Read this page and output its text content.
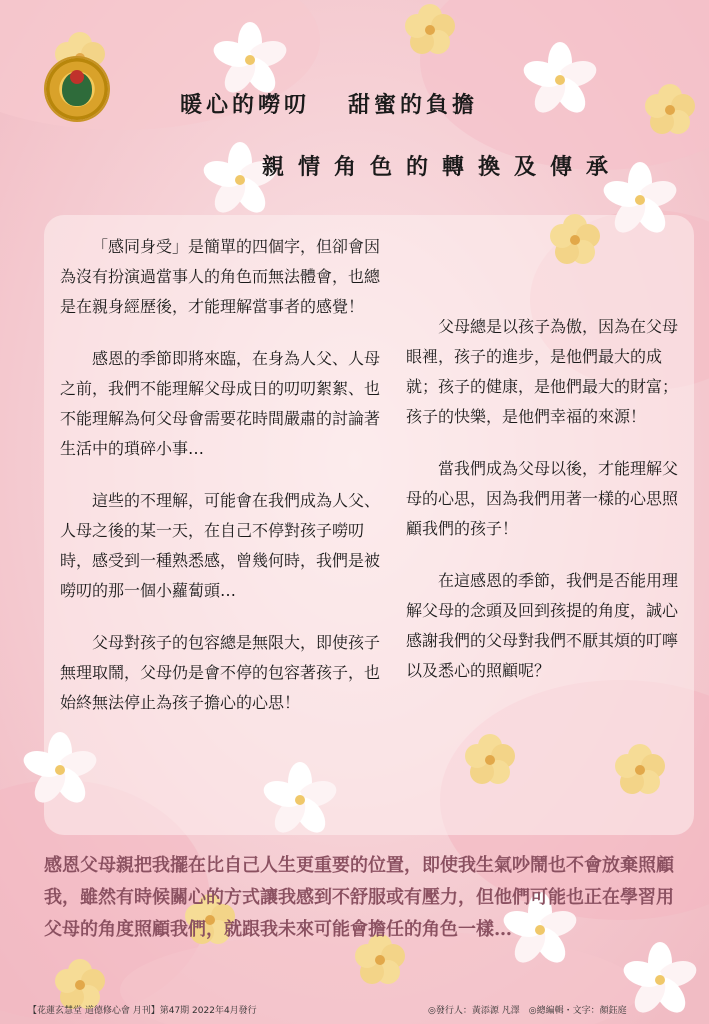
暖心的嘮叨 甜蜜的負擔
親情角色的轉換及傳承

「感同身受」是簡單的四個字，但卻會因為沒有扮演過當事人的角色而無法體會，也總是在親身經歷後，才能理解當事者的感覺！

感恩的季節即將來臨，在身為人父、人母之前，我們不能理解父母成日的叨叨絮絮、也不能理解為何父母會需要花時間嚴肅的討論著生活中的瑣碎小事…

這些的不理解，可能會在我們成為人父、人母之後的某一天，在自己不停對孩子嘮叨時，感受到一種熟悉感，曾幾何時，我們是被嘮叨的那一個小蘿蔔頭…

父母對孩子的包容總是無限大，即使孩子無理取鬧，父母仍是會不停的包容著孩子，也始終無法停止為孩子擔心的心思！

父母總是以孩子為傲，因為在父母眼裡，孩子的進步，是他們最大的成就；孩子的健康，是他們最大的財富；孩子的快樂，是他們幸福的來源！

當我們成為父母以後，才能理解父母的心思，因為我們用著一樣的心思照顧我們的孩子！

在這感恩的季節，我們是否能用理解父母的念頭及回到孩提的角度，誠心感謝我們的父母對我們不厭其煩的叮嚀以及悉心的照顧呢？

感恩父母親把我擺在比自己人生更重要的位置，即使我生氣吵鬧也不會放棄照顧我，雖然有時候關心的方式讓我感到不舒服或有壓力，但他們可能也正在學習用父母的角度照顧我們，就跟我未來可能會擔任的角色一樣…
【花蓮玄慧堂 道德修心會 月刊】第47期 2022年4月發行	◎發行人：黃添源 凡澤　◎總編輯・文字：顏鈺庭
